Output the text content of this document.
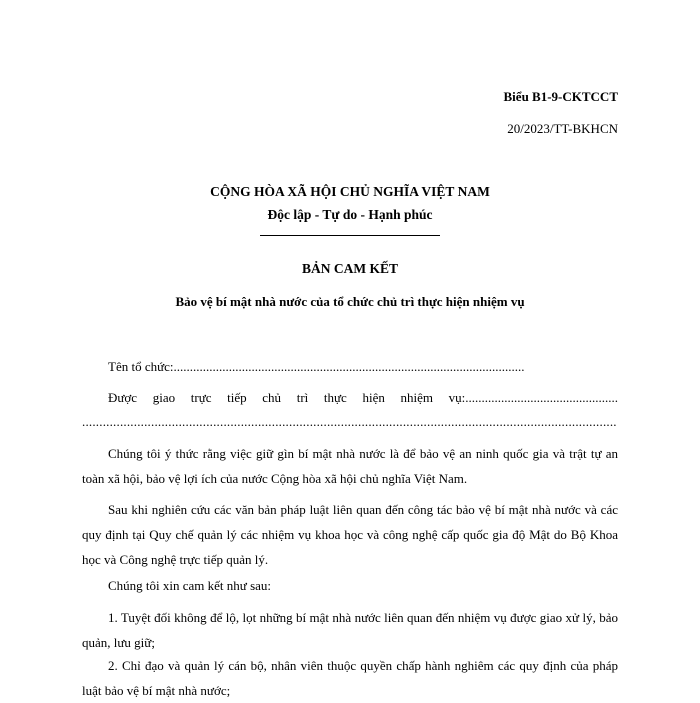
Biểu B1-9-CKTCCT
20/2023/TT-BKHCN
CỘNG HÒA XÃ HỘI CHỦ NGHĨA VIỆT NAM
Độc lập - Tự do - Hạnh phúc
BẢN CAM KẾT
Bảo vệ bí mật nhà nước của tổ chức chủ trì thực hiện nhiệm vụ
Tên tổ chức:............................................................................................................
Được giao trực tiếp chủ trì thực hiện nhiệm vụ:...............................................
...........................................................................................................................................................
Chúng tôi ý thức rằng việc giữ gìn bí mật nhà nước là để bảo vệ an ninh quốc gia và trật tự an toàn xã hội, bảo vệ lợi ích của nước Cộng hòa xã hội chủ nghĩa Việt Nam.
Sau khi nghiên cứu các văn bản pháp luật liên quan đến công tác bảo vệ bí mật nhà nước và các quy định tại Quy chế quản lý các nhiệm vụ khoa học và công nghệ cấp quốc gia độ Mật do Bộ Khoa học và Công nghệ trực tiếp quản lý.
Chúng tôi xin cam kết như sau:
1. Tuyệt đối không để lộ, lọt những bí mật nhà nước liên quan đến nhiệm vụ được giao xử lý, bảo quản, lưu giữ;
2. Chỉ đạo và quản lý cán bộ, nhân viên thuộc quyền chấp hành nghiêm các quy định của pháp luật bảo vệ bí mật nhà nước;
